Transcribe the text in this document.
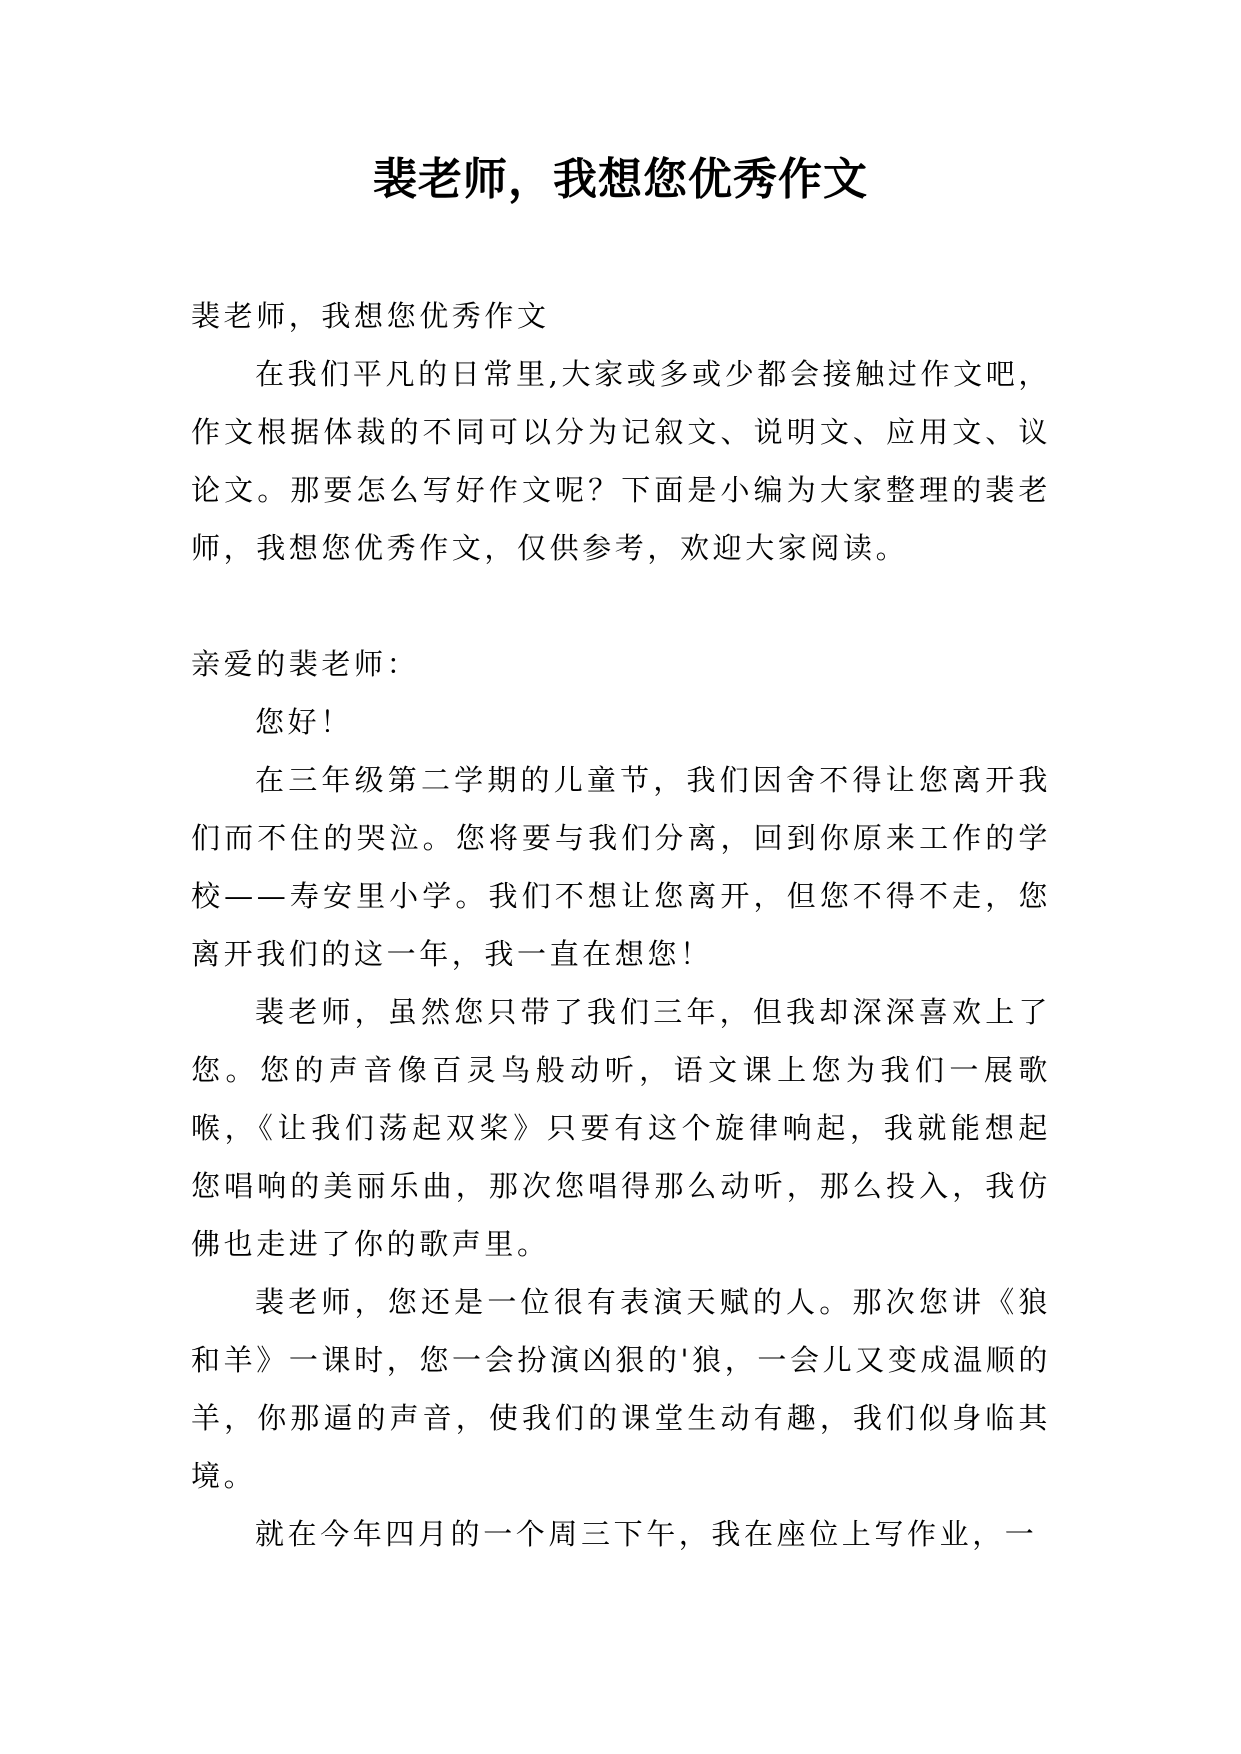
裴老师，我想您优秀作文

裴老师，我想您优秀作文

在我们平凡的日常里,大家或多或少都会接触过作文吧，作文根据体裁的不同可以分为记叙文、说明文、应用文、议论文。那要怎么写好作文呢？下面是小编为大家整理的裴老师，我想您优秀作文，仅供参考，欢迎大家阅读。

亲爱的裴老师：

您好！

在三年级第二学期的儿童节，我们因舍不得让您离开我们而不住的哭泣。您将要与我们分离，回到你原来工作的学校——寿安里小学。我们不想让您离开，但您不得不走，您离开我们的这一年，我一直在想您！

裴老师，虽然您只带了我们三年，但我却深深喜欢上了您。您的声音像百灵鸟般动听，语文课上您为我们一展歌喉，《让我们荡起双桨》只要有这个旋律响起，我就能想起您唱响的美丽乐曲，那次您唱得那么动听，那么投入，我仿佛也走进了你的歌声里。

裴老师，您还是一位很有表演天赋的人。那次您讲《狼和羊》一课时，您一会扮演凶狠的'狼，一会儿又变成温顺的羊，你那逼的声音，使我们的课堂生动有趣，我们似身临其境。

就在今年四月的一个周三下午，我在座位上写作业，一
